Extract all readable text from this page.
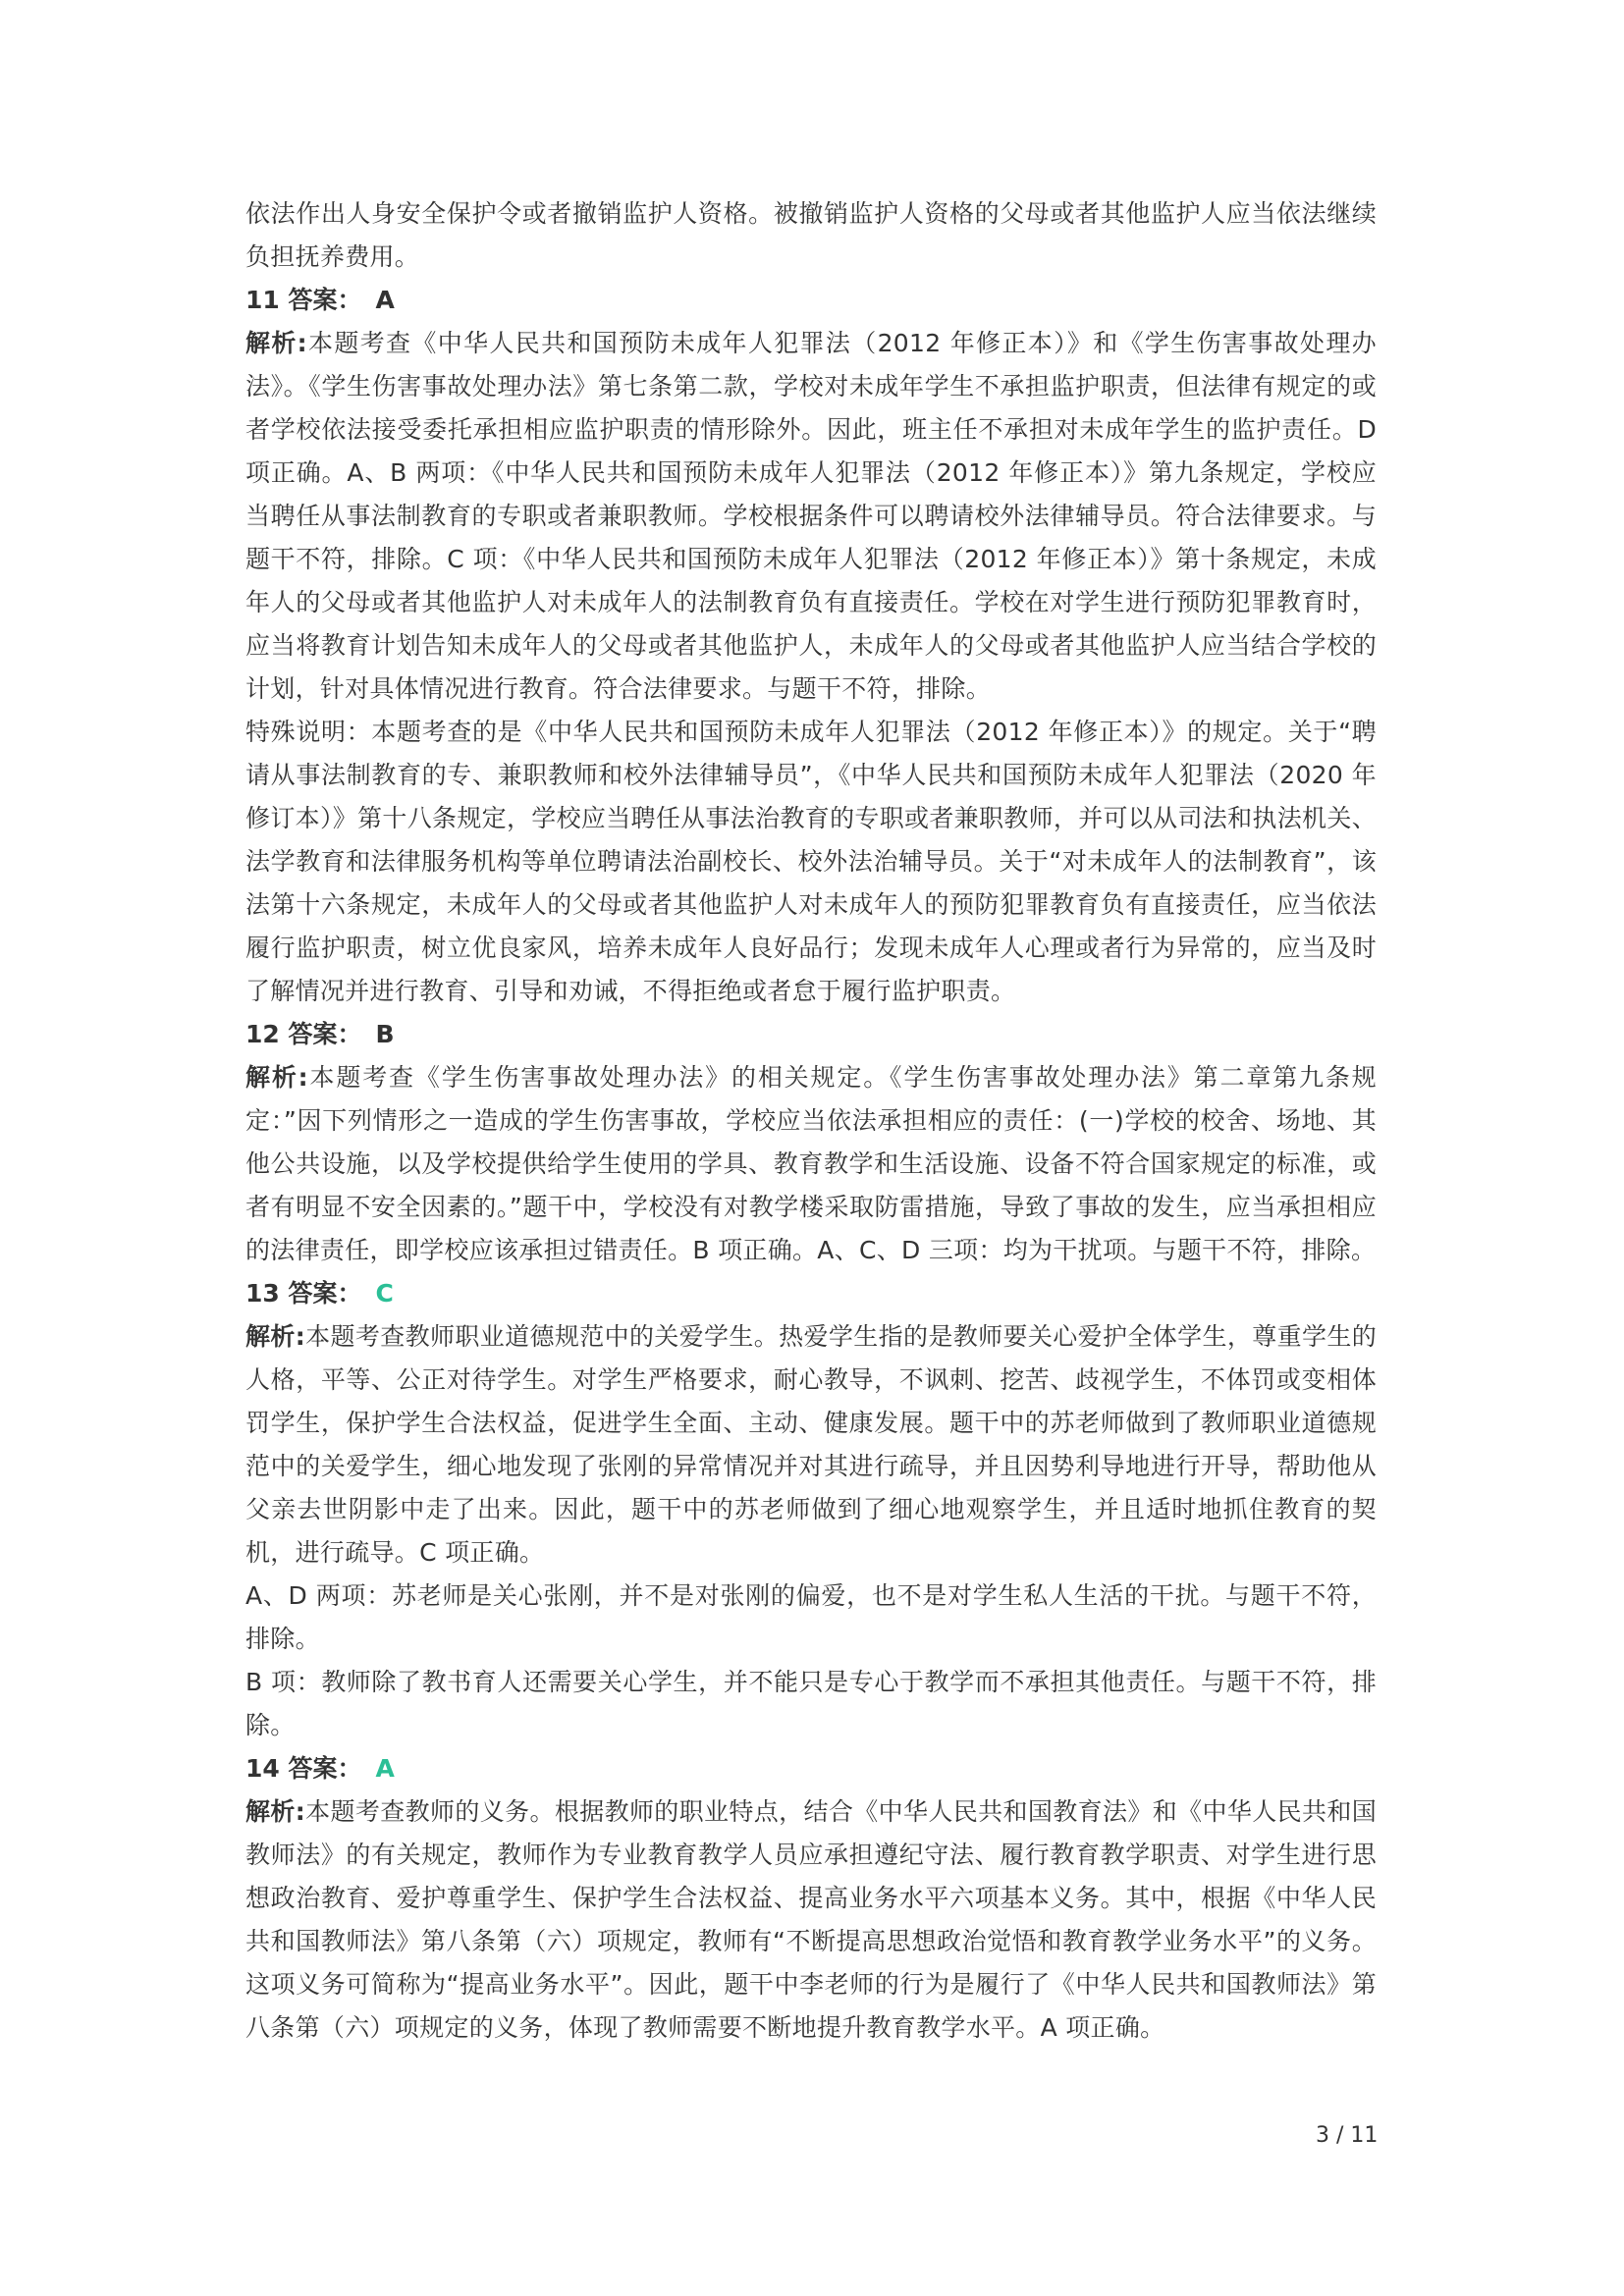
依法作出人身安全保护令或者撤销监护人资格。被撤销监护人资格的父母或者其他监护人应当依法继续负担抚养费用。

11 答案： A

解析:本题考查《中华人民共和国预防未成年人犯罪法（2012 年修正本）》和《学生伤害事故处理办法》。《学生伤害事故处理办法》第七条第二款，学校对未成年学生不承担监护职责，但法律有规定的或者学校依法接受委托承担相应监护职责的情形除外。因此，班主任不承担对未成年学生的监护责任。D 项正确。A、B 两项：《中华人民共和国预防未成年人犯罪法（2012 年修正本）》第九条规定，学校应当聘任从事法制教育的专职或者兼职教师。学校根据条件可以聘请校外法律辅导员。符合法律要求。与题干不符，排除。C 项：《中华人民共和国预防未成年人犯罪法（2012 年修正本）》第十条规定，未成年人的父母或者其他监护人对未成年人的法制教育负有直接责任。学校在对学生进行预防犯罪教育时，应当将教育计划告知未成年人的父母或者其他监护人，未成年人的父母或者其他监护人应当结合学校的计划，针对具体情况进行教育。符合法律要求。与题干不符，排除。

特殊说明：本题考查的是《中华人民共和国预防未成年人犯罪法（2012 年修正本）》的规定。关于“聘请从事法制教育的专、兼职教师和校外法律辅导员”，《中华人民共和国预防未成年人犯罪法（2020 年修订本）》第十八条规定，学校应当聘任从事法治教育的专职或者兼职教师，并可以从司法和执法机关、法学教育和法律服务机构等单位聘请法治副校长、校外法治辅导员。关于“对未成年人的法制教育”，该法第十六条规定，未成年人的父母或者其他监护人对未成年人的预防犯罪教育负有直接责任，应当依法履行监护职责，树立优良家风，培养未成年人良好品行；发现未成年人心理或者行为异常的，应当及时了解情况并进行教育、引导和劝诫，不得拒绝或者怠于履行监护职责。

12 答案： B

解析:本题考查《学生伤害事故处理办法》的相关规定。《学生伤害事故处理办法》第二章第九条规定：”因下列情形之一造成的学生伤害事故，学校应当依法承担相应的责任：(一)学校的校舍、场地、其他公共设施，以及学校提供给学生使用的学具、教育教学和生活设施、设备不符合国家规定的标准，或者有明显不安全因素的。”题干中，学校没有对教学楼采取防雷措施，导致了事故的发生，应当承担相应的法律责任，即学校应该承担过错责任。B 项正确。A、C、D 三项：均为干扰项。与题干不符，排除。

13 答案： C

解析:本题考查教师职业道德规范中的关爱学生。热爱学生指的是教师要关心爱护全体学生，尊重学生的人格，平等、公正对待学生。对学生严格要求，耐心教导，不讽刺、挖苦、歧视学生，不体罚或变相体罚学生，保护学生合法权益，促进学生全面、主动、健康发展。题干中的苏老师做到了教师职业道德规范中的关爱学生，细心地发现了张刚的异常情况并对其进行疏导，并且因势利导地进行开导，帮助他从父亲去世阴影中走了出来。因此，题干中的苏老师做到了细心地观察学生，并且适时地抓住教育的契机，进行疏导。C 项正确。

A、D 两项：苏老师是关心张刚，并不是对张刚的偏爱，也不是对学生私人生活的干扰。与题干不符，排除。

B 项：教师除了教书育人还需要关心学生，并不能只是专心于教学而不承担其他责任。与题干不符，排除。

14 答案： A

解析:本题考查教师的义务。根据教师的职业特点，结合《中华人民共和国教育法》和《中华人民共和国教师法》的有关规定，教师作为专业教育教学人员应承担遵纪守法、履行教育教学职责、对学生进行思想政治教育、爱护尊重学生、保护学生合法权益、提高业务水平六项基本义务。其中，根据《中华人民共和国教师法》第八条第（六）项规定，教师有“不断提高思想政治觉悟和教育教学业务水平”的义务。这项义务可简称为“提高业务水平”。因此，题干中李老师的行为是履行了《中华人民共和国教师法》第八条第（六）项规定的义务，体现了教师需要不断地提升教育教学水平。A 项正确。

3 / 11
